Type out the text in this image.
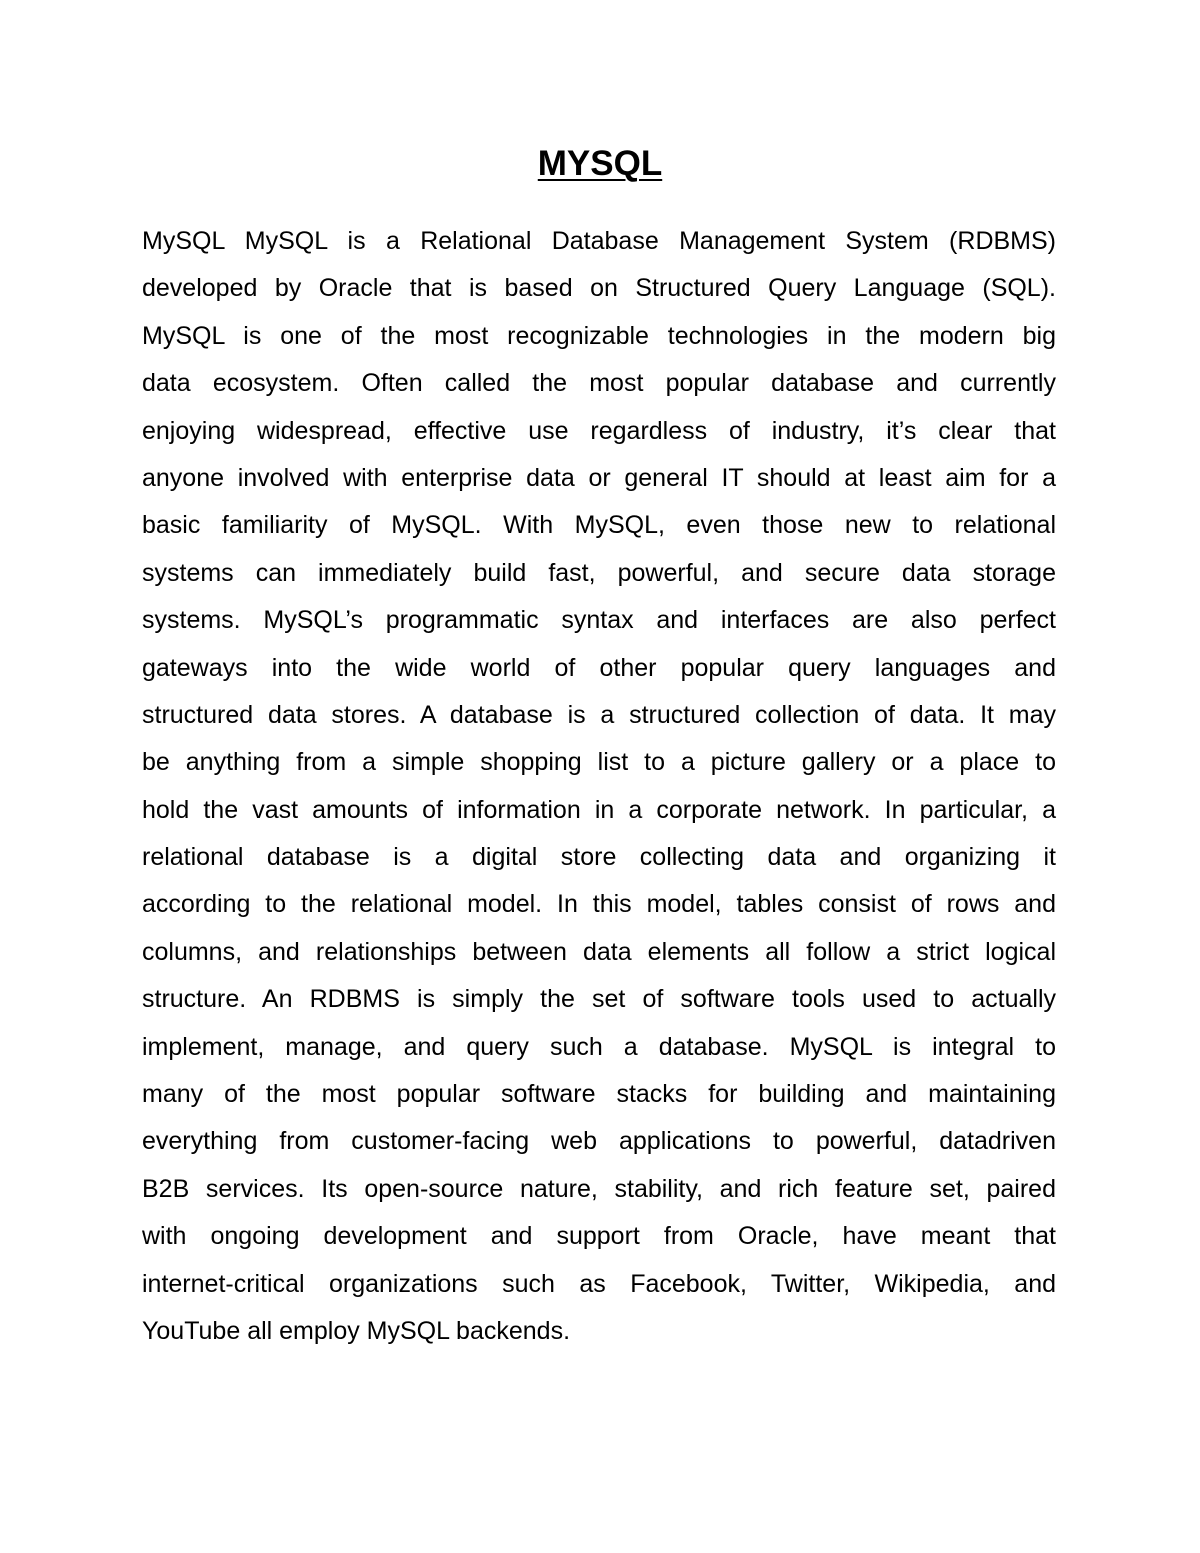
MYSQL
MySQL MySQL is a Relational Database Management System (RDBMS)
developed by Oracle that is based on Structured Query Language (SQL).
MySQL is one of the most recognizable technologies in the modern big
data ecosystem. Often called the most popular database and currently
enjoying widespread, effective use regardless of industry, it’s clear that
anyone involved with enterprise data or general IT should at least aim for a
basic familiarity of MySQL. With MySQL, even those new to relational
systems can immediately build fast, powerful, and secure data storage
systems. MySQL’s programmatic syntax and interfaces are also perfect
gateways into the wide world of other popular query languages and
structured data stores. A database is a structured collection of data. It may
be anything from a simple shopping list to a picture gallery or a place to
hold the vast amounts of information in a corporate network. In particular, a
relational database is a digital store collecting data and organizing it
according to the relational model. In this model, tables consist of rows and
columns, and relationships between data elements all follow a strict logical
structure. An RDBMS is simply the set of software tools used to actually
implement, manage, and query such a database. MySQL is integral to
many of the most popular software stacks for building and maintaining
everything from customer-facing web applications to powerful, datadriven
B2B services. Its open-source nature, stability, and rich feature set, paired
with ongoing development and support from Oracle, have meant that
internet-critical organizations such as Facebook, Twitter, Wikipedia, and
YouTube all employ MySQL backends.
